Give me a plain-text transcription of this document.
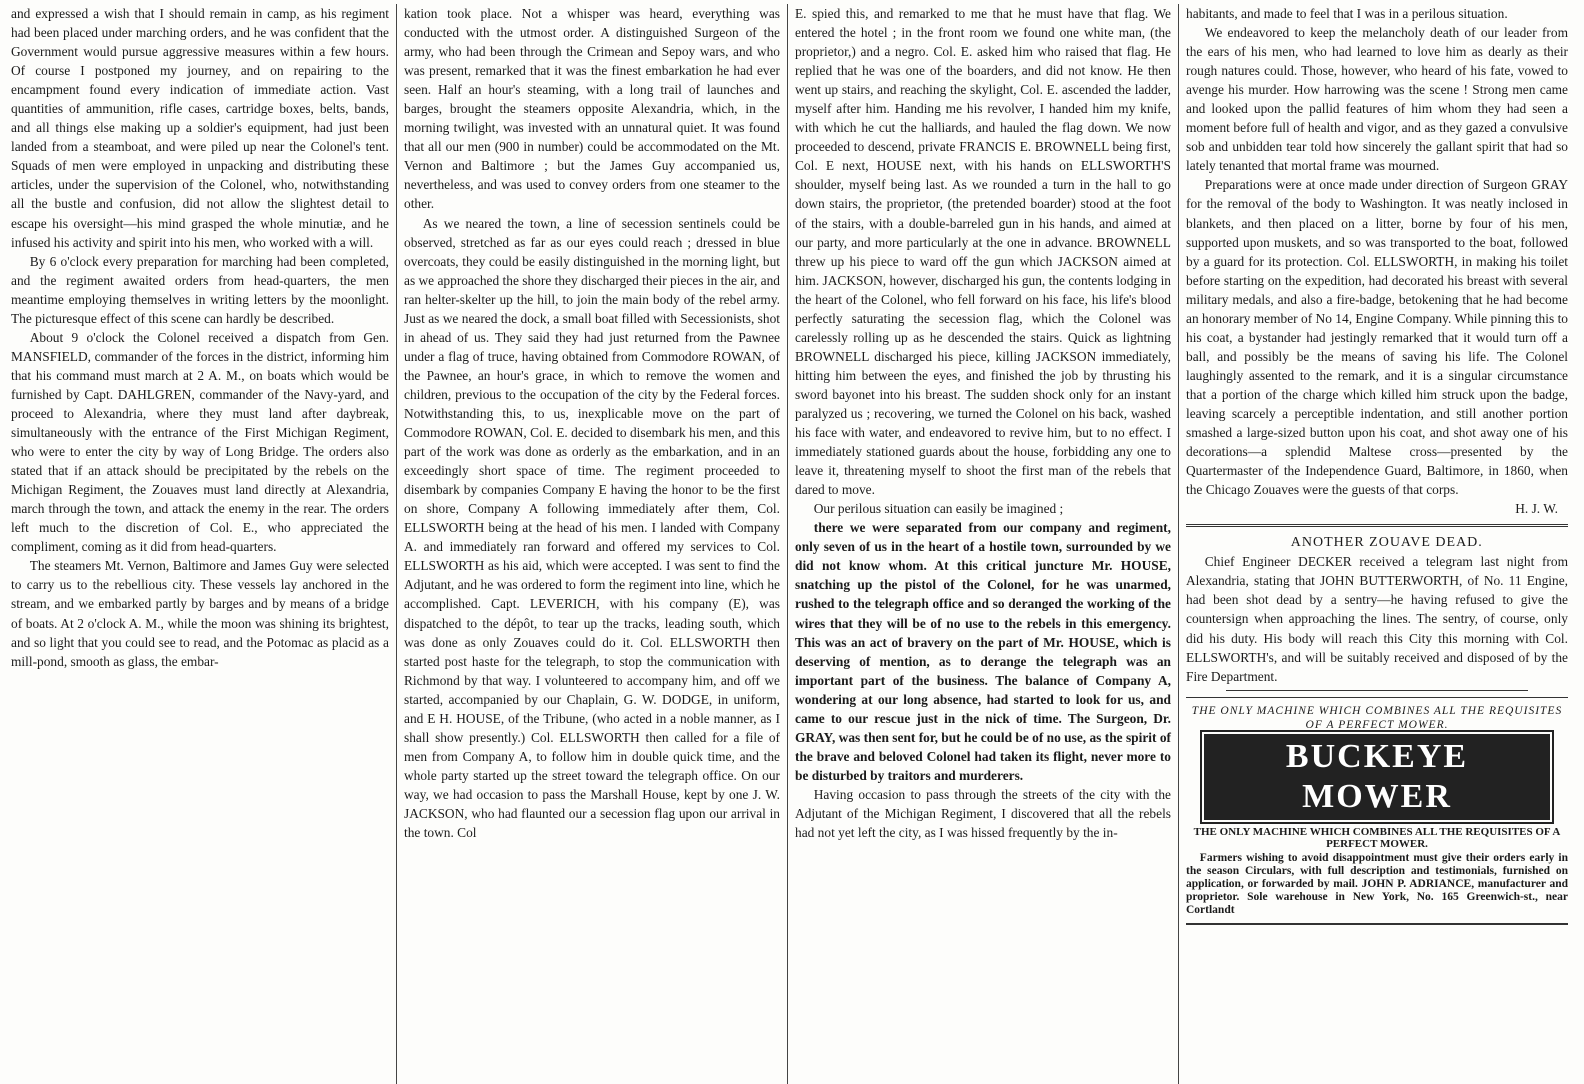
and expressed a wish that I should remain in camp, as his regiment had been placed under marching orders, and he was confident that the Government would pursue aggressive measures within a few hours. Of course I postponed my journey, and on repairing to the encampment found every indication of immediate action. Vast quantities of ammunition, rifle cases, cartridge boxes, belts, bands, and all things else making up a soldier's equipment, had just been landed from a steamboat, and were piled up near the Colonel's tent. Squads of men were employed in unpacking and distributing these articles, under the supervision of the Colonel, who, notwithstanding all the bustle and confusion, did not allow the slightest detail to escape his oversight—his mind grasped the whole minutiæ, and he infused his activity and spirit into his men, who worked with a will.

By 6 o'clock every preparation for marching had been completed, and the regiment awaited orders from head-quarters, the men meantime employing themselves in writing letters by the moonlight. The picturesque effect of this scene can hardly be described.

About 9 o'clock the Colonel received a dispatch from Gen. MANSFIELD, commander of the forces in the district, informing him that his command must march at 2 A. M., on boats which would be furnished by Capt. DAHLGREN, commander of the Navy-yard, and proceed to Alexandria, where they must land after daybreak, simultaneously with the entrance of the First Michigan Regiment, who were to enter the city by way of Long Bridge. The orders also stated that if an attack should be precipitated by the rebels on the Michigan Regiment, the Zouaves must land directly at Alexandria, march through the town, and attack the enemy in the rear. The orders left much to the discretion of Col. E., who appreciated the compliment, coming as it did from head-quarters.

The steamers Mt. Vernon, Baltimore and James Guy were selected to carry us to the rebellious city. These vessels lay anchored in the stream, and we embarked partly by barges and by means of a bridge of boats. At 2 o'clock A. M., while the moon was shining its brightest, and so light that you could see to read, and the Potomac as placid as a mill-pond, smooth as glass, the embar-

kation took place. Not a whisper was heard, everything was conducted with the utmost order. A distinguished Surgeon of the army, who had been through the Crimean and Sepoy wars, and who was present, remarked that it was the finest embarkation he had ever seen. Half an hour's steaming, with a long trail of launches and barges, brought the steamers opposite Alexandria, which, in the morning twilight, was invested with an unnatural quiet. It was found that all our men (900 in number) could be accommodated on the Mt. Vernon and Baltimore ; but the James Guy accompanied us, nevertheless, and was used to convey orders from one steamer to the other.

As we neared the town, a line of secession sentinels could be observed, stretched as far as our eyes could reach ; dressed in blue overcoats, they could be easily distinguished in the morning light, but as we approached the shore they discharged their pieces in the air, and ran helter-skelter up the hill, to join the main body of the rebel army. Just as we neared the dock, a small boat filled with Secessionists, shot in ahead of us. They said they had just returned from the Pawnee under a flag of truce, having obtained from Commodore ROWAN, of the Pawnee, an hour's grace, in which to remove the women and children, previous to the occupation of the city by the Federal forces. Notwithstanding this, to us, inexplicable move on the part of Commodore ROWAN, Col. E. decided to disembark his men, and this part of the work was done as orderly as the embarkation, and in an exceedingly short space of time. The regiment proceeded to disembark by companies Company E having the honor to be the first on shore, Company A following immediately after them, Col. ELLSWORTH being at the head of his men. I landed with Company A. and immediately ran forward and offered my services to Col. ELLSWORTH as his aid, which were accepted. I was sent to find the Adjutant, and he was ordered to form the regiment into line, which he accomplished. Capt. LEVERICH, with his company (E), was dispatched to the dépôt, to tear up the tracks, leading south, which was done as only Zouaves could do it. Col. ELLSWORTH then started post haste for the telegraph, to stop the communication with Richmond by that way. I volunteered to accompany him, and off we started, accompanied by our Chaplain, G. W. DODGE, in uniform, and E H. HOUSE, of the Tribune, (who acted in a noble manner, as I shall show presently.) Col. ELLSWORTH then called for a file of men from Company A, to follow him in double quick time, and the whole party started up the street toward the telegraph office. On our way, we had occasion to pass the Marshall House, kept by one J. W. JACKSON, who had flaunted our a secession flag upon our arrival in the town. Col

E. spied this, and remarked to me that he must have that flag. We entered the hotel ; in the front room we found one white man, (the proprietor,) and a negro. Col. E. asked him who raised that flag. He replied that he was one of the boarders, and did not know. He then went up stairs, and reaching the skylight, Col. E. ascended the ladder, myself after him. Handing me his revolver, I handed him my knife, with which he cut the halliards, and hauled the flag down. We now proceeded to descend, private FRANCIS E. BROWNELL being first, Col. E next, HOUSE next, with his hands on ELLSWORTH'S shoulder, myself being last. As we rounded a turn in the hall to go down stairs, the proprietor, (the pretended boarder) stood at the foot of the stairs, with a double-barreled gun in his hands, and aimed at our party, and more particularly at the one in advance. BROWNELL threw up his piece to ward off the gun which JACKSON aimed at him. JACKSON, however, discharged his gun, the contents lodging in the heart of the Colonel, who fell forward on his face, his life's blood perfectly saturating the secession flag, which the Colonel was carelessly rolling up as he descended the stairs. Quick as lightning BROWNELL discharged his piece, killing JACKSON immediately, hitting him between the eyes, and finished the job by thrusting his sword bayonet into his breast. The sudden shock only for an instant paralyzed us ; recovering, we turned the Colonel on his back, washed his face with water, and endeavored to revive him, but to no effect. I immediately stationed guards about the house, forbidding any one to leave it, threatening myself to shoot the first man of the rebels that dared to move.

Our perilous situation can easily be imagined ;

there we were separated from our company and regiment, only seven of us in the heart of a hostile town, surrounded by we did not know whom. At this critical juncture Mr. HOUSE, snatching up the pistol of the Colonel, for he was unarmed, rushed to the telegraph office and so deranged the working of the wires that they will be of no use to the rebels in this emergency. This was an act of bravery on the part of Mr. HOUSE, which is deserving of mention, as to derange the telegraph was an important part of the business. The balance of Company A, wondering at our long absence, had started to look for us, and came to our rescue just in the nick of time. The Surgeon, Dr. GRAY, was then sent for, but he could be of no use, as the spirit of the brave and beloved Colonel had taken its flight, never more to be disturbed by traitors and murderers.

Having occasion to pass through the streets of the city with the Adjutant of the Michigan Regiment, I discovered that all the rebels had not yet left the city, as I was hissed frequently by the in-

habitants, and made to feel that I was in a perilous situation.

We endeavored to keep the melancholy death of our leader from the ears of his men, who had learned to love him as dearly as their rough natures could. Those, however, who heard of his fate, vowed to avenge his murder. How harrowing was the scene ! Strong men came and looked upon the pallid features of him whom they had seen a moment before full of health and vigor, and as they gazed a convulsive sob and unbidden tear told how sincerely the gallant spirit that had so lately tenanted that mortal frame was mourned.

Preparations were at once made under direction of Surgeon GRAY for the removal of the body to Washington. It was neatly inclosed in blankets, and then placed on a litter, borne by four of his men, supported upon muskets, and so was transported to the boat, followed by a guard for its protection. Col. ELLSWORTH, in making his toilet before starting on the expedition, had decorated his breast with several military medals, and also a fire-badge, betokening that he had become an honorary member of No 14, Engine Company. While pinning this to his coat, a bystander had jestingly remarked that it would turn off a ball, and possibly be the means of saving his life. The Colonel laughingly assented to the remark, and it is a singular circumstance that a portion of the charge which killed him struck upon the badge, leaving scarcely a perceptible indentation, and still another portion smashed a large-sized button upon his coat, and shot away one of his decorations—a splendid Maltese cross—presented by the Quartermaster of the Independence Guard, Baltimore, in 1860, when the Chicago Zouaves were the guests of that corps.

H. J. W.

ANOTHER ZOUAVE DEAD.

Chief Engineer DECKER received a telegram last night from Alexandria, stating that JOHN BUTTERWORTH, of No. 11 Engine, had been shot dead by a sentry—he having refused to give the countersign when approaching the lines. The sentry, of course, only did his duty. His body will reach this City this morning with Col. ELLSWORTH's, and will be suitably received and disposed of by the Fire Department.

THE ONLY MACHINE WHICH COMBINES ALL THE REQUISITES OF A PERFECT MOWER.
BUCKEYE MOWER
THE ONLY MACHINE WHICH COMBINES ALL THE REQUISITES OF A PERFECT MOWER.
Farmers wishing to avoid disappointment must give their orders early in the season Circulars, with full description and testimonials, furnished on application, or forwarded by mail. JOHN P. ADRIANCE, manufacturer and proprietor. Sole warehouse in New York, No. 165 Greenwich-st., near Cortlandt
